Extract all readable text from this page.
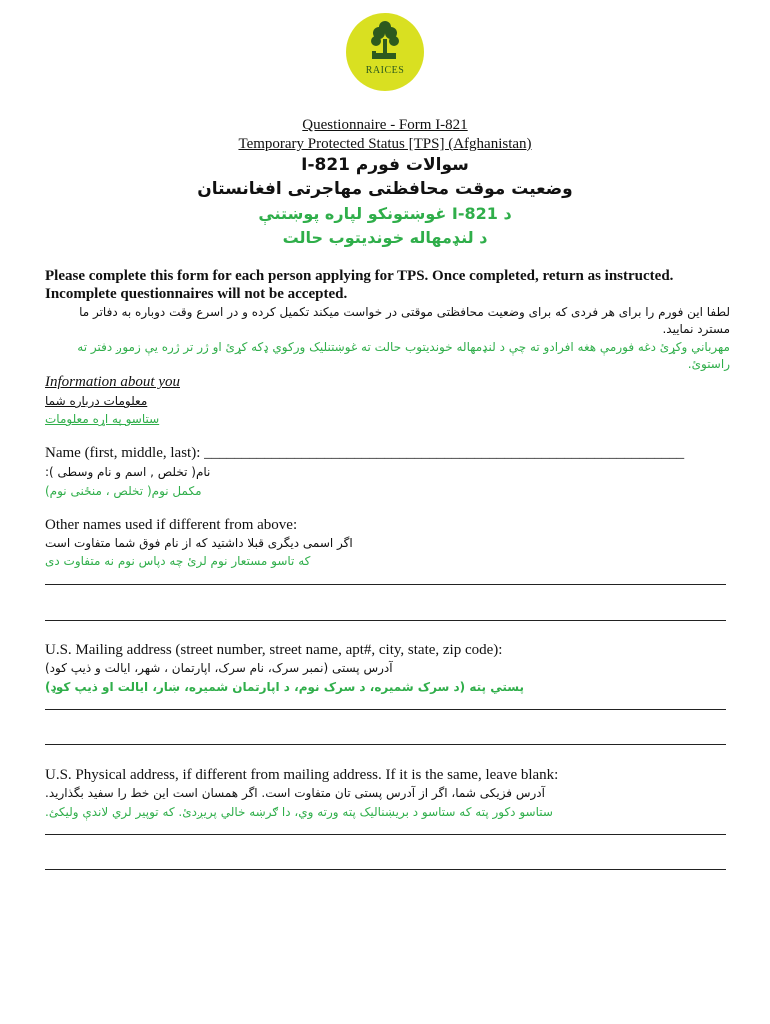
RAICES
Questionnaire - Form I-821
Temporary Protected Status [TPS] (Afghanistan)
سوالات فورم I-821
وضعیت موقت محافظتی مهاجرتی افغانستان
د I-821 غوښتونکو لپاره پوښتنې
د لنډمهاله خوندیتوب حالت
Please complete this form for each person applying for TPS. Once completed, return as instructed. Incomplete questionnaires will not be accepted.
لطفا این فورم را برای هر فردی که برای وضعیت محافظتی موقتی در خواست میکند تکمیل کرده و در اسرع وقت دوباره به دفاتر ما مسترد نمایید.
مهرباني وکړئ دغه فورمې هغه افرادو ته چې د لنډمهاله خوندیتوب حالت ته غوښتنلیک ورکوي ډکه کړئ او ژر تر ژره یې زموږ دفتر ته راستوئ.
Information about you
معلومات درباره شما
ستاسو په اړه معلومات
Name (first, middle, last): ________________________________________________________________
نام( تخلص , اسم و نام وسطی ):
مکمل نوم( تخلص ، منځنی نوم)
Other names used if different from above:
اگر اسمی دیگری قبلا داشتید که از نام فوق شما متفاوت است
که تاسو مستعار نوم لرئ چه دپاس نوم نه متفاوت دی
U.S. Mailing address (street number, street name, apt#, city, state, zip code):
آدرس پستی (نمبر سرک، نام سرک، اپارتمان ، شهر، ایالت و ذیپ کود)
پستي پته (د سرک شمیره، د سرک نوم، د اپارتمان شمیره، ښار، ایالت او ذیپ کوډ)
U.S. Physical address, if different from mailing address. If it is the same, leave blank:
آدرس فزیکی شما، اگر از آدرس پستی تان متفاوت است. اگر همسان است این خط را سفید بگذارید.
ستاسو دکور پته که ستاسو د بریښنالیک پته ورته وي، دا ګرښه خالي پریږدئ. که توپیر لري لاندې ولیکئ.
